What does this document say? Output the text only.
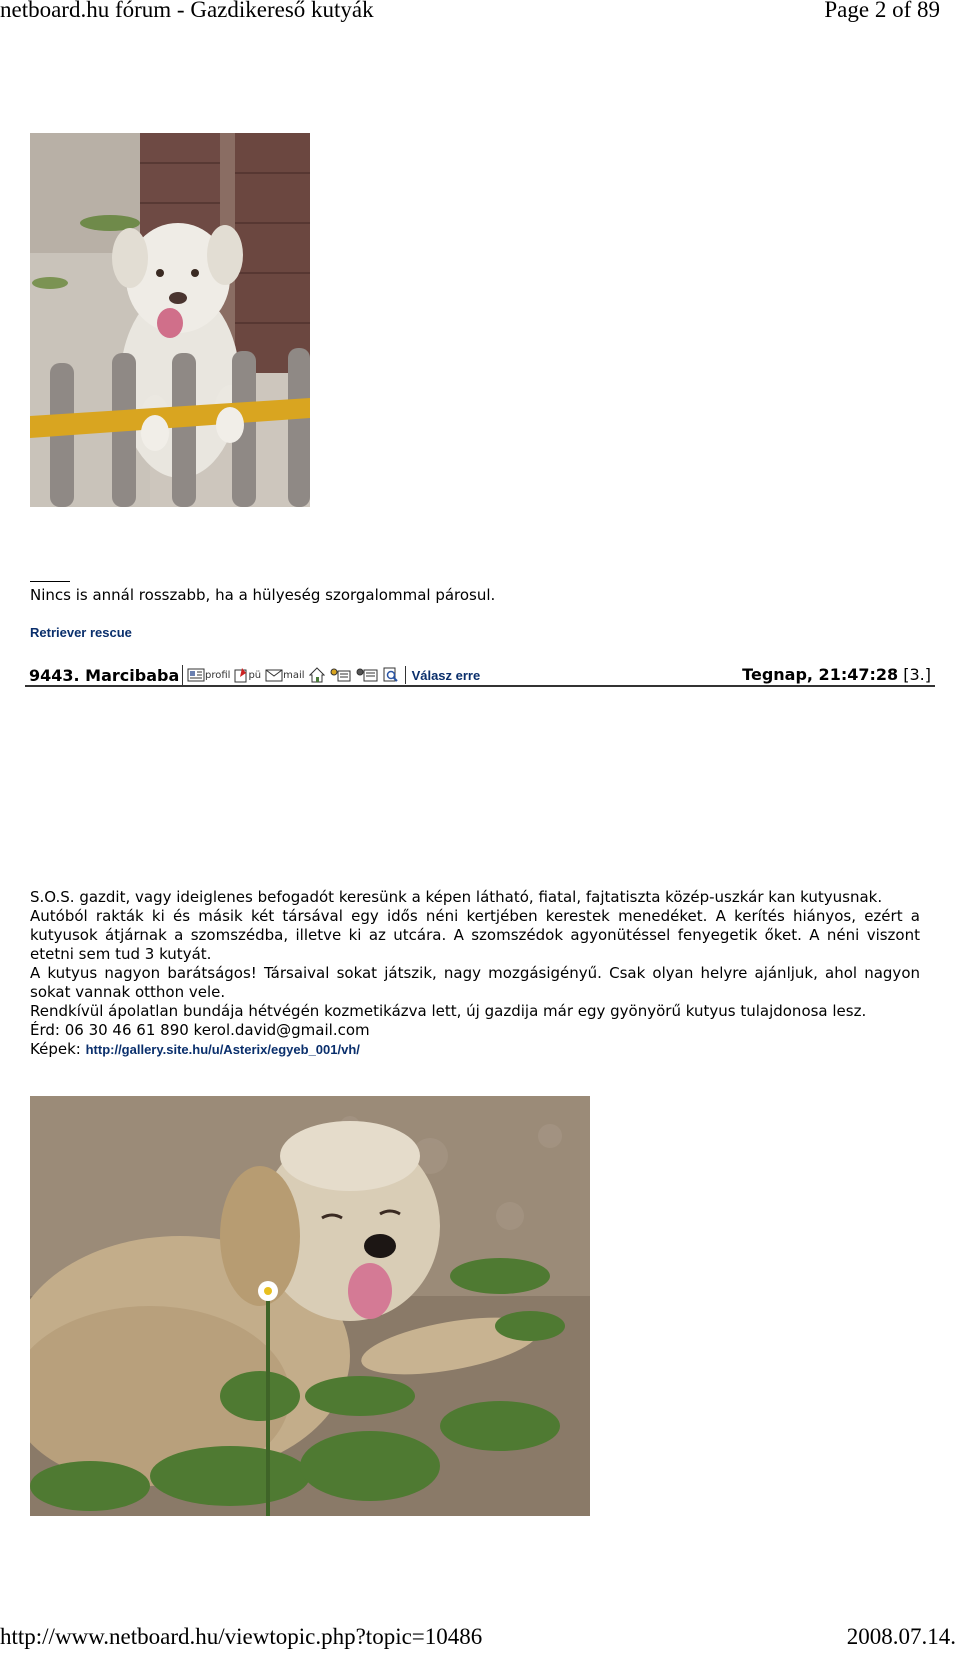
netboard.hu fórum - Gazdikereső kutyák	Page 2 of 89
Nincs is annál rosszabb, ha a hülyeség szorgalommal párosul.
Retriever rescue
9443. Marcibaba	profil pü mail	Válasz erre	Tegnap, 21:47:28 [3.]

S.O.S. gazdit, vagy ideiglenes befogadót keresünk a képen látható, fiatal, fajtatiszta közép-uszkár kan kutyusnak.

Autóból rakták ki és másik két társával egy idős néni kertjében kerestek menedéket. A kerítés hiányos, ezért a kutyusok átjárnak a szomszédba, illetve ki az utcára. A szomszédok agyonütéssel fenyegetik őket. A néni viszont etetni sem tud 3 kutyát.

A kutyus nagyon barátságos! Társaival sokat játszik, nagy mozgásigényű. Csak olyan helyre ajánljuk, ahol nagyon sokat vannak otthon vele.

Rendkívül ápolatlan bundája hétvégén kozmetikázva lett, új gazdija már egy gyönyörű kutyus tulajdonosa lesz.

Érd: 06 30 46 61 890 kerol.david@gmail.com

Képek: http://gallery.site.hu/u/Asterix/egyeb_001/vh/

http://www.netboard.hu/viewtopic.php?topic=10486	2008.07.14.
